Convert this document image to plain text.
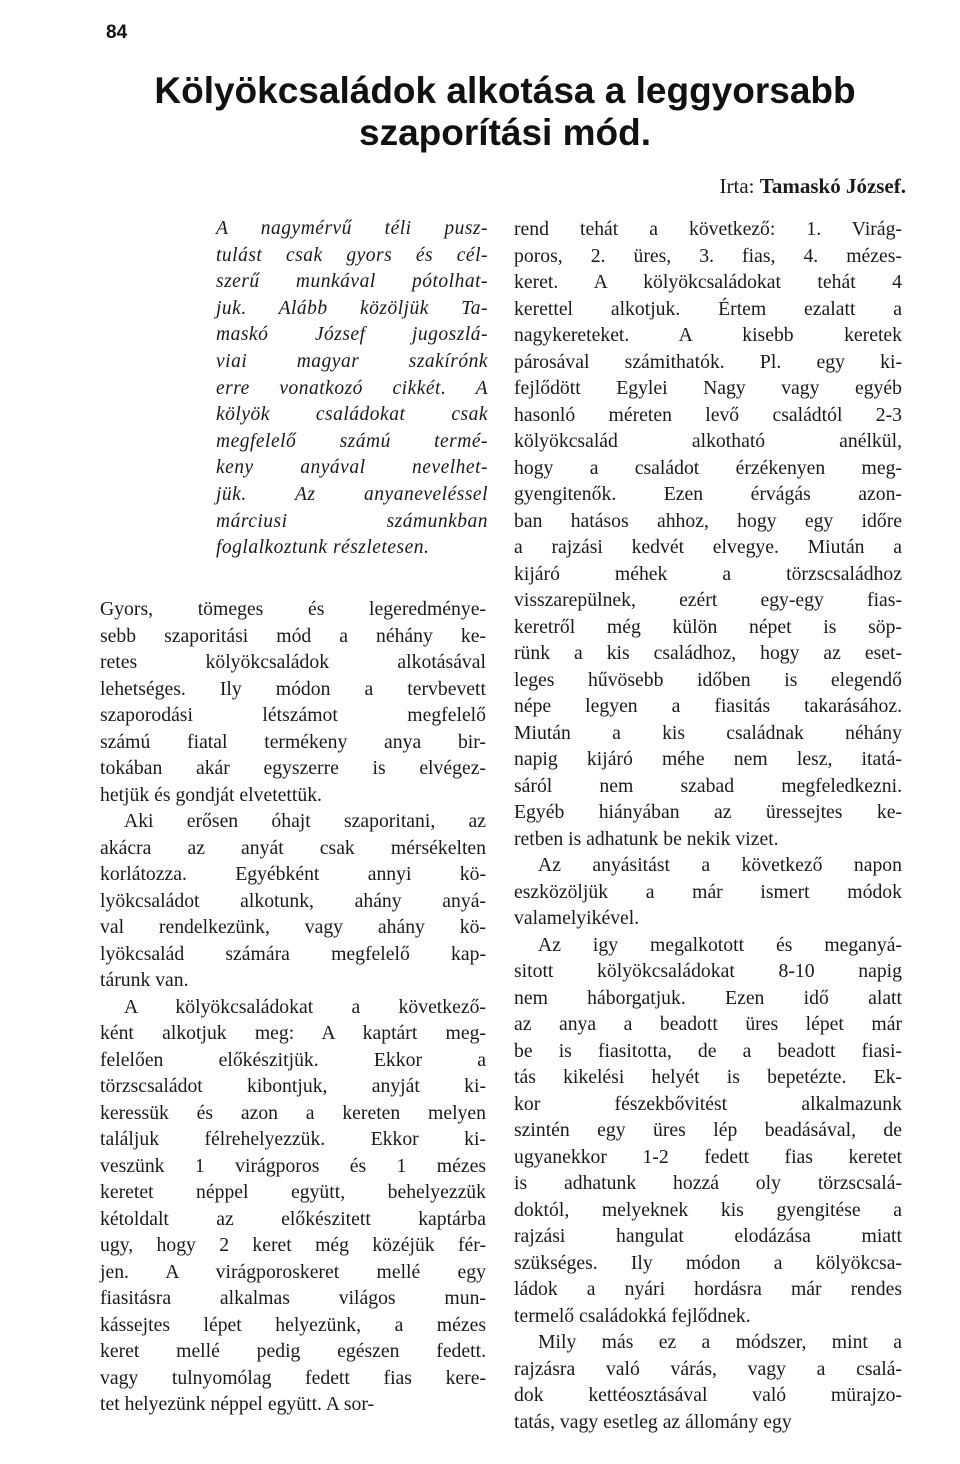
84
Kölyökcsaládok alkotása a leggyorsabb
szaporítási mód.
Irta: Tamaskó József.
A nagymérvű téli pusz-
tulást csak gyors és cél-
szerű munkával pótolhat-
juk. Alább közöljük Ta-
maskó József jugoszlá-
viai magyar szakírónk
erre vonatkozó cikkét. A
kölyök családokat csak
megfelelő számú termé-
keny anyával nevelhet-
jük. Az anyaneveléssel
márciusi számunkban
foglalkoztunk részletesen.
Gyors, tömeges és legeredménye-
sebb szaporitási mód a néhány ke-
retes kölyökcsaládok alkotásával
lehetséges. Ily módon a tervbevett
szaporodási létszámot megfelelő
számú fiatal termékeny anya bir-
tokában akár egyszerre is elvégez-
hetjük és gondját elvetettük.
Aki erősen óhajt szaporitani, az
akácra az anyát csak mérsékelten
korlátozza. Egyébként annyi kö-
lyökcsaládot alkotunk, ahány anyá-
val rendelkezünk, vagy ahány kö-
lyökcsalád számára megfelelő kap-
tárunk van.
A kölyökcsaládokat a következő-
ként alkotjuk meg: A kaptárt meg-
felelően előkészitjük. Ekkor a
törzscsaládot kibontjuk, anyját ki-
keressük és azon a kereten melyen
találjuk félrehelyezzük. Ekkor ki-
veszünk 1 virágporos és 1 mézes
keretet néppel együtt, behelyezzük
kétoldalt az előkészitett kaptárba
ugy, hogy 2 keret még közéjük fér-
jen. A virágporoskeret mellé egy
fiasitásra alkalmas világos mun-
kássejtes lépet helyezünk, a mézes
keret mellé pedig egészen fedett.
vagy tulnyomólag fedett fias kere-
tet helyezünk néppel együtt. A sor-
rend tehát a következő: 1. Virág-
poros, 2. üres, 3. fias, 4. mézes-
keret. A kölyökcsaládokat tehát 4
kerettel alkotjuk. Értem ezalatt a
nagykereteket. A kisebb keretek
párosával számithatók. Pl. egy ki-
fejlődött Egylei Nagy vagy egyéb
hasonló méreten levő családtól 2-3
kölyökcsalád alkotható anélkül,
hogy a családot érzékenyen meg-
gyengitenők. Ezen érvágás azon-
ban hatásos ahhoz, hogy egy időre
a rajzási kedvét elvegye. Miután a
kijáró méhek a törzscsaládhoz
visszarepülnek, ezért egy-egy fias-
keretről még külön népet is söp-
rünk a kis családhoz, hogy az eset-
leges hűvösebb időben is elegendő
népe legyen a fiasitás takarásához.
Miután a kis családnak néhány
napig kijáró méhe nem lesz, itatá-
sáról nem szabad megfeledkezni.
Egyéb hiányában az üressejtes ke-
retben is adhatunk be nekik vizet.
Az anyásitást a következő napon
eszközöljük a már ismert módok
valamelyikével.
Az igy megalkotott és meganyá-
sitott kölyökcsaládokat 8-10 napig
nem háborgatjuk. Ezen idő alatt
az anya a beadott üres lépet már
be is fiasitotta, de a beadott fiasi-
tás kikelési helyét is bepetézte. Ek-
kor fészekbővitést alkalmazunk
szintén egy üres lép beadásával, de
ugyanekkor 1-2 fedett fias keretet
is adhatunk hozzá oly törzscsalá-
doktól, melyeknek kis gyengitése a
rajzási hangulat elodázása miatt
szükséges. Ily módon a kölyökcsa-
ládok a nyári hordásra már rendes
termelő családokká fejlődnek.
Mily más ez a módszer, mint a
rajzásra való várás, vagy a csalá-
dok kettéosztásával való mürajzo-
tatás, vagy esetleg az állomány egy
